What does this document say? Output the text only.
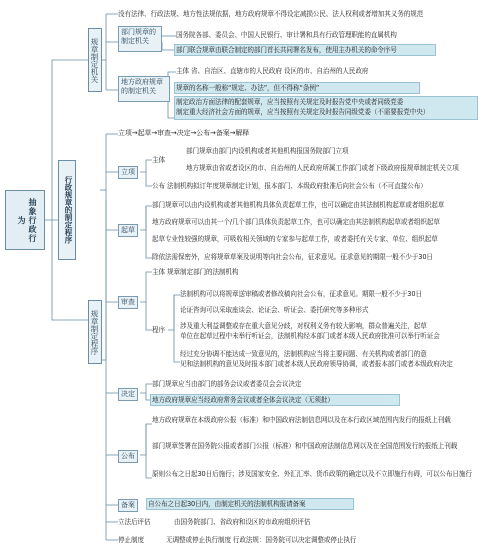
抽象行政行为
规章制定机关
行政规章的制定程序
规章制定程序
没有法律、行政法规、地方性法规依据，地方政府规章不得设定减损公民、法人权利或者增加其义务的规范
部门规章的制定机关
国务院各部、委员会、中国人民银行、审计署和具有行政管理职能的直属机构
部门联合规章由联合制定的部门首长共同署名发布，使用主办机关的命令序号
地方政府规章的制定机关
主体 省、自治区、直辖市的人民政府 设区的市、自治州的人民政府
规章的名称一般称“规定、办法”，但不得称“条例”
制定政治方面法律的配套规章，应当按照有关规定及时报告党中央或者同级党委
制定重大经济社会方面的规章，应当按照有关规定及时报告同级党委（不需要报党中央）
立项→起草→审查→决定→公布→备案→解释
立项
主体
部门规章由部门内设机构或者其他机构报国务院部门立项
地方规章由省或者设区的市、自治州的人民政府所属工作部门或者下级政府报规章制定机关立项
公布 法制机构拟订年度规章制定计划，报本部门、本级政府批准后向社会公布（不可直接公布）
起草
部门规章可以由内设机构或者其他机构具体负责起草工作，也可以确定由其法制机构起草或者组织起草
地方政府规章可以由其一个/几个部门具体负责起草工作，也可以确定由其法制机构起草或者组织起草
起草专业性较强的规章，可吸收相关领域的专家参与起草工作，或者委托有关专家、单位、组织起草
除依法需保密外，应将规章草案及说明等向社会公布，征求意见。征求意见的期限一般不少于30日
审查
主体 规章制定部门的法制机构
程序
法制机构可以将规章送审稿或者修改稿向社会公布，征求意见。期限一般不少于30日
论证咨询可以采取座谈会、论证会、听证会、委托研究等多种形式
涉及重大利益调整或存在重大意见分歧，对权利义务有较大影响，群众普遍关注，起草
单位在起草过程中未举行听证会，法制机构经本部门或者本级人民政府批准可以举行听证会
经过充分协调不能达成一致意见的，法制机构应当将主要问题、有关机构或者部门的意
见和法制机构的意见及时报本部门或者本级人民政府领导协调，或者报本部门或者本级政府决定
决定
部门规章应当由部门的部务会议或者委员会会议决定
地方政府规章应当经政府常务会议或者全体会议决定（无须批）
公布
地方政府规章在本级政府公报（标准）和中国政府法制信息网以及在本行政区域范围内发行的报纸上刊载
部门规章签署在国务院公报或者部门公报（标准）和中国政府法制信息网以及在全国范围发行的报纸上刊载
原则公布之日起30日后施行；涉及国家安全、外汇汇率、货币政策的确定以及不立即施行有碍，可以公布日施行
备案	自公布之日起30日内，由制定机关的法制机构报请备案
立法后评估	由国务院部门、省政府和设区的市政府组织评估
停止制度	无调整或停止执行制度 行政法规：国务院可以决定调整或停止执行
